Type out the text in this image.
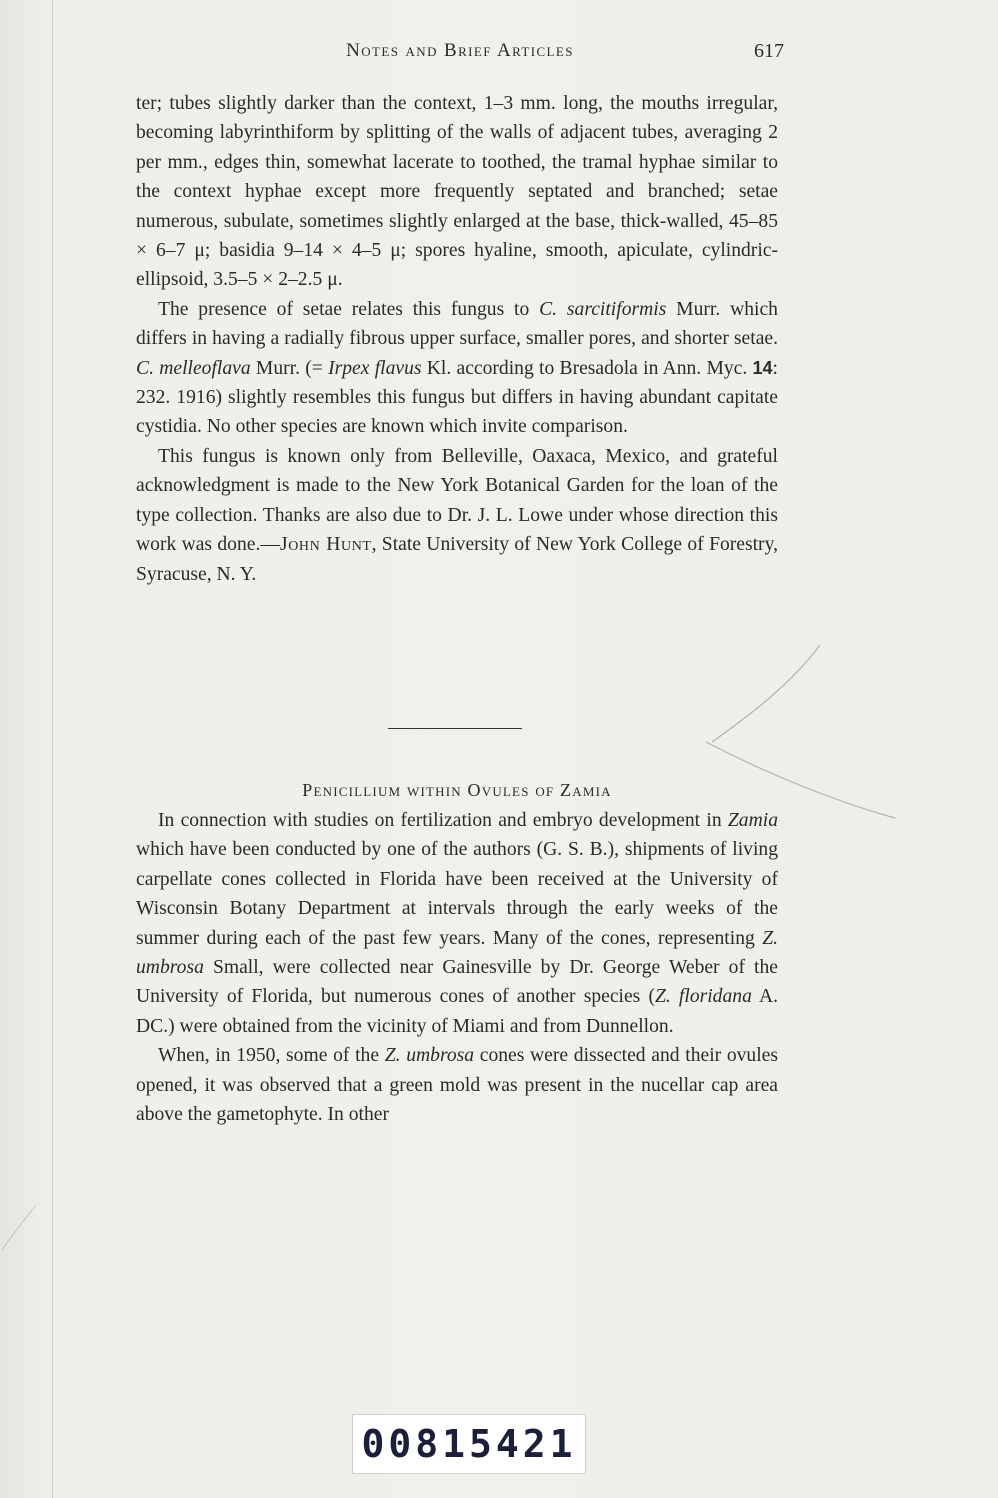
Notes and Brief Articles	617

ter; tubes slightly darker than the context, 1–3 mm. long, the mouths irregular, becoming labyrinthiform by splitting of the walls of adjacent tubes, averaging 2 per mm., edges thin, somewhat lacerate to toothed, the tramal hyphae similar to the context hyphae except more frequently septated and branched; setae numerous, subulate, sometimes slightly enlarged at the base, thick-walled, 45–85 × 6–7 μ; basidia 9–14 × 4–5 μ; spores hyaline, smooth, apiculate, cylindric-ellipsoid, 3.5–5 × 2–2.5 μ.

The presence of setae relates this fungus to C. sarcitiformis Murr. which differs in having a radially fibrous upper surface, smaller pores, and shorter setae. C. melleoflava Murr. (= Irpex flavus Kl. according to Bresadola in Ann. Myc. 14: 232. 1916) slightly resembles this fungus but differs in having abundant capitate cystidia. No other species are known which invite comparison.

This fungus is known only from Belleville, Oaxaca, Mexico, and grateful acknowledgment is made to the New York Botanical Garden for the loan of the type collection. Thanks are also due to Dr. J. L. Lowe under whose direction this work was done.—John Hunt, State University of New York College of Forestry, Syracuse, N. Y.

Penicillium within Ovules of Zamia

In connection with studies on fertilization and embryo development in Zamia which have been conducted by one of the authors (G. S. B.), shipments of living carpellate cones collected in Florida have been received at the University of Wisconsin Botany Department at intervals through the early weeks of the summer during each of the past few years. Many of the cones, representing Z. umbrosa Small, were collected near Gainesville by Dr. George Weber of the University of Florida, but numerous cones of another species (Z. floridana A. DC.) were obtained from the vicinity of Miami and from Dunnellon.

When, in 1950, some of the Z. umbrosa cones were dissected and their ovules opened, it was observed that a green mold was present in the nucellar cap area above the gametophyte. In other

00815421
